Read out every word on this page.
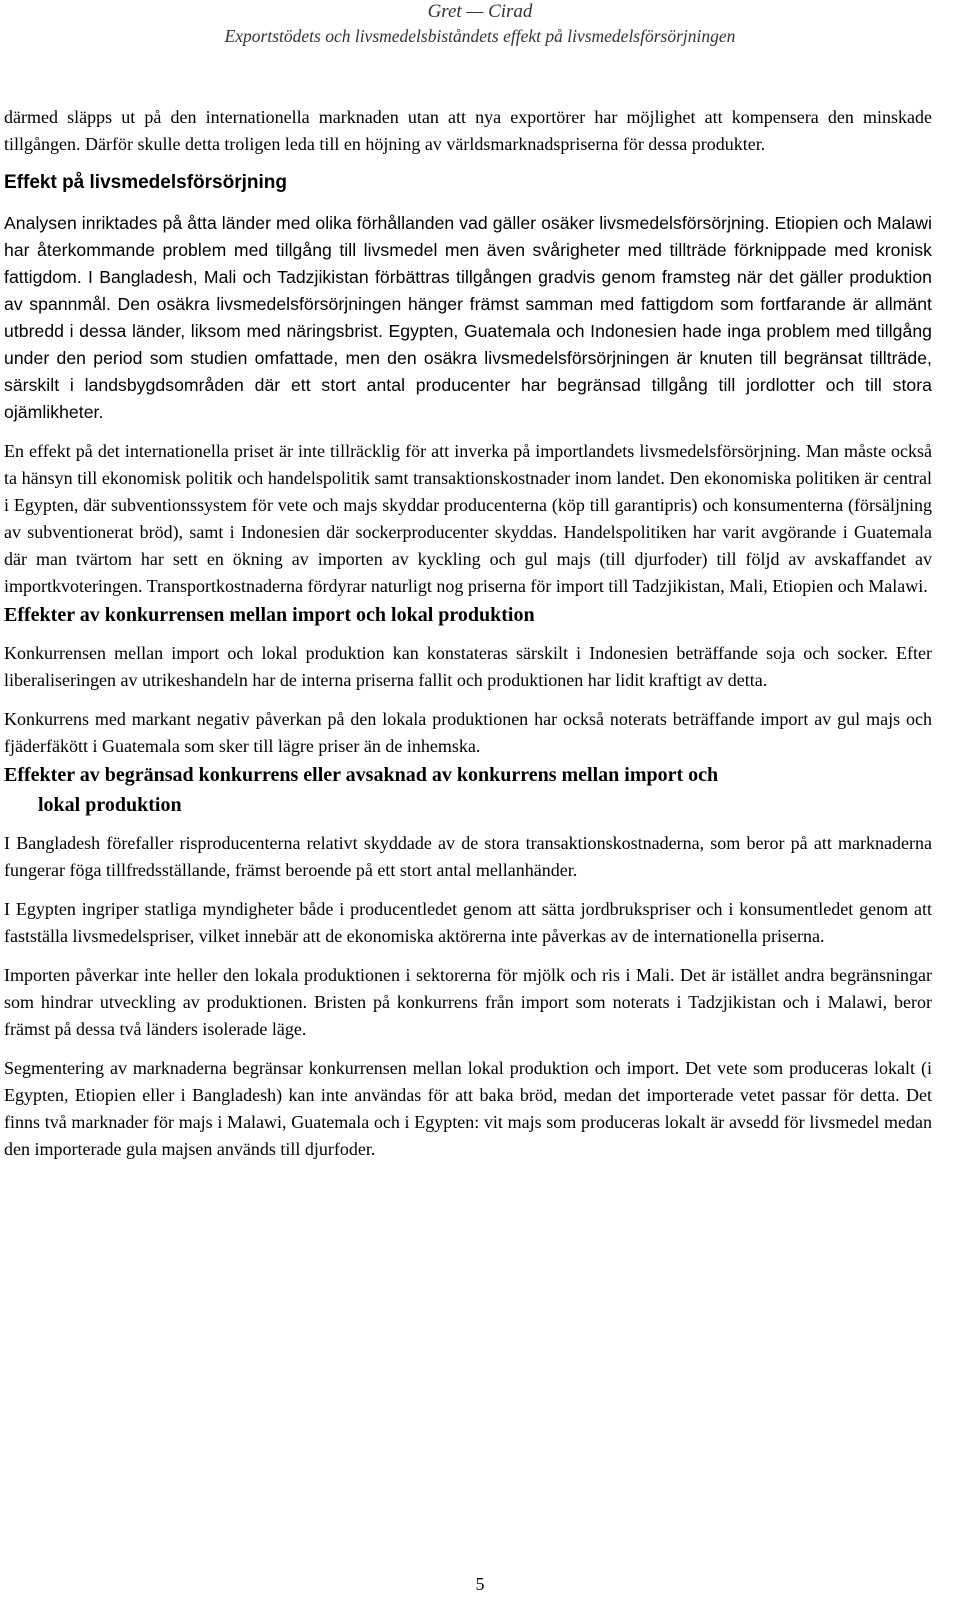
Gret — Cirad
Exportstödets och livsmedelsbiståndets effekt på livsmedelsförsörjningen

därmed släpps ut på den internationella marknaden utan att nya exportörer har möjlighet att kompensera den minskade tillgången. Därför skulle detta troligen leda till en höjning av världsmarknadspriserna för dessa produkter.

Effekt på livsmedelsförsörjning

Analysen inriktades på åtta länder med olika förhållanden vad gäller osäker livsmedelsförsörjning. Etiopien och Malawi har återkommande problem med tillgång till livsmedel men även svårigheter med tillträde förknippade med kronisk fattigdom. I Bangladesh, Mali och Tadzjikistan förbättras tillgången gradvis genom framsteg när det gäller produktion av spannmål. Den osäkra livsmedelsförsörjningen hänger främst samman med fattigdom som fortfarande är allmänt utbredd i dessa länder, liksom med näringsbrist. Egypten, Guatemala och Indonesien hade inga problem med tillgång under den period som studien omfattade, men den osäkra livsmedelsförsörjningen är knuten till begränsat tillträde, särskilt i landsbygdsområden där ett stort antal producenter har begränsad tillgång till jordlotter och till stora ojämlikheter.

En effekt på det internationella priset är inte tillräcklig för att inverka på importlandets livsmedelsförsörjning. Man måste också ta hänsyn till ekonomisk politik och handelspolitik samt transaktionskostnader inom landet. Den ekonomiska politiken är central i Egypten, där subventionssystem för vete och majs skyddar producenterna (köp till garantipris) och konsumenterna (försäljning av subventionerat bröd), samt i Indonesien där sockerproducenter skyddas. Handelspolitiken har varit avgörande i Guatemala där man tvärtom har sett en ökning av importen av kyckling och gul majs (till djurfoder) till följd av avskaffandet av importkvoteringen. Transportkostnaderna fördyrar naturligt nog priserna för import till Tadzjikistan, Mali, Etiopien och Malawi.

Effekter av konkurrensen mellan import och lokal produktion

Konkurrensen mellan import och lokal produktion kan konstateras särskilt i Indonesien beträffande soja och socker. Efter liberaliseringen av utrikeshandeln har de interna priserna fallit och produktionen har lidit kraftigt av detta.

Konkurrens med markant negativ påverkan på den lokala produktionen har också noterats beträffande import av gul majs och fjäderfäkött i Guatemala som sker till lägre priser än de inhemska.

Effekter av begränsad konkurrens eller avsaknad av konkurrens mellan import och
lokal produktion

I Bangladesh förefaller risproducenterna relativt skyddade av de stora transaktionskostnaderna, som beror på att marknaderna fungerar föga tillfredsställande, främst beroende på ett stort antal mellanhänder.

I Egypten ingriper statliga myndigheter både i producentledet genom att sätta jordbrukspriser och i konsumentledet genom att fastställa livsmedelspriser, vilket innebär att de ekonomiska aktörerna inte påverkas av de internationella priserna.

Importen påverkar inte heller den lokala produktionen i sektorerna för mjölk och ris i Mali. Det är istället andra begränsningar som hindrar utveckling av produktionen. Bristen på konkurrens från import som noterats i Tadzjikistan och i Malawi, beror främst på dessa två länders isolerade läge.

Segmentering av marknaderna begränsar konkurrensen mellan lokal produktion och import. Det vete som produceras lokalt (i Egypten, Etiopien eller i Bangladesh) kan inte användas för att baka bröd, medan det importerade vetet passar för detta. Det finns två marknader för majs i Malawi, Guatemala och i Egypten: vit majs som produceras lokalt är avsedd för livsmedel medan den importerade gula majsen används till djurfoder.

5
